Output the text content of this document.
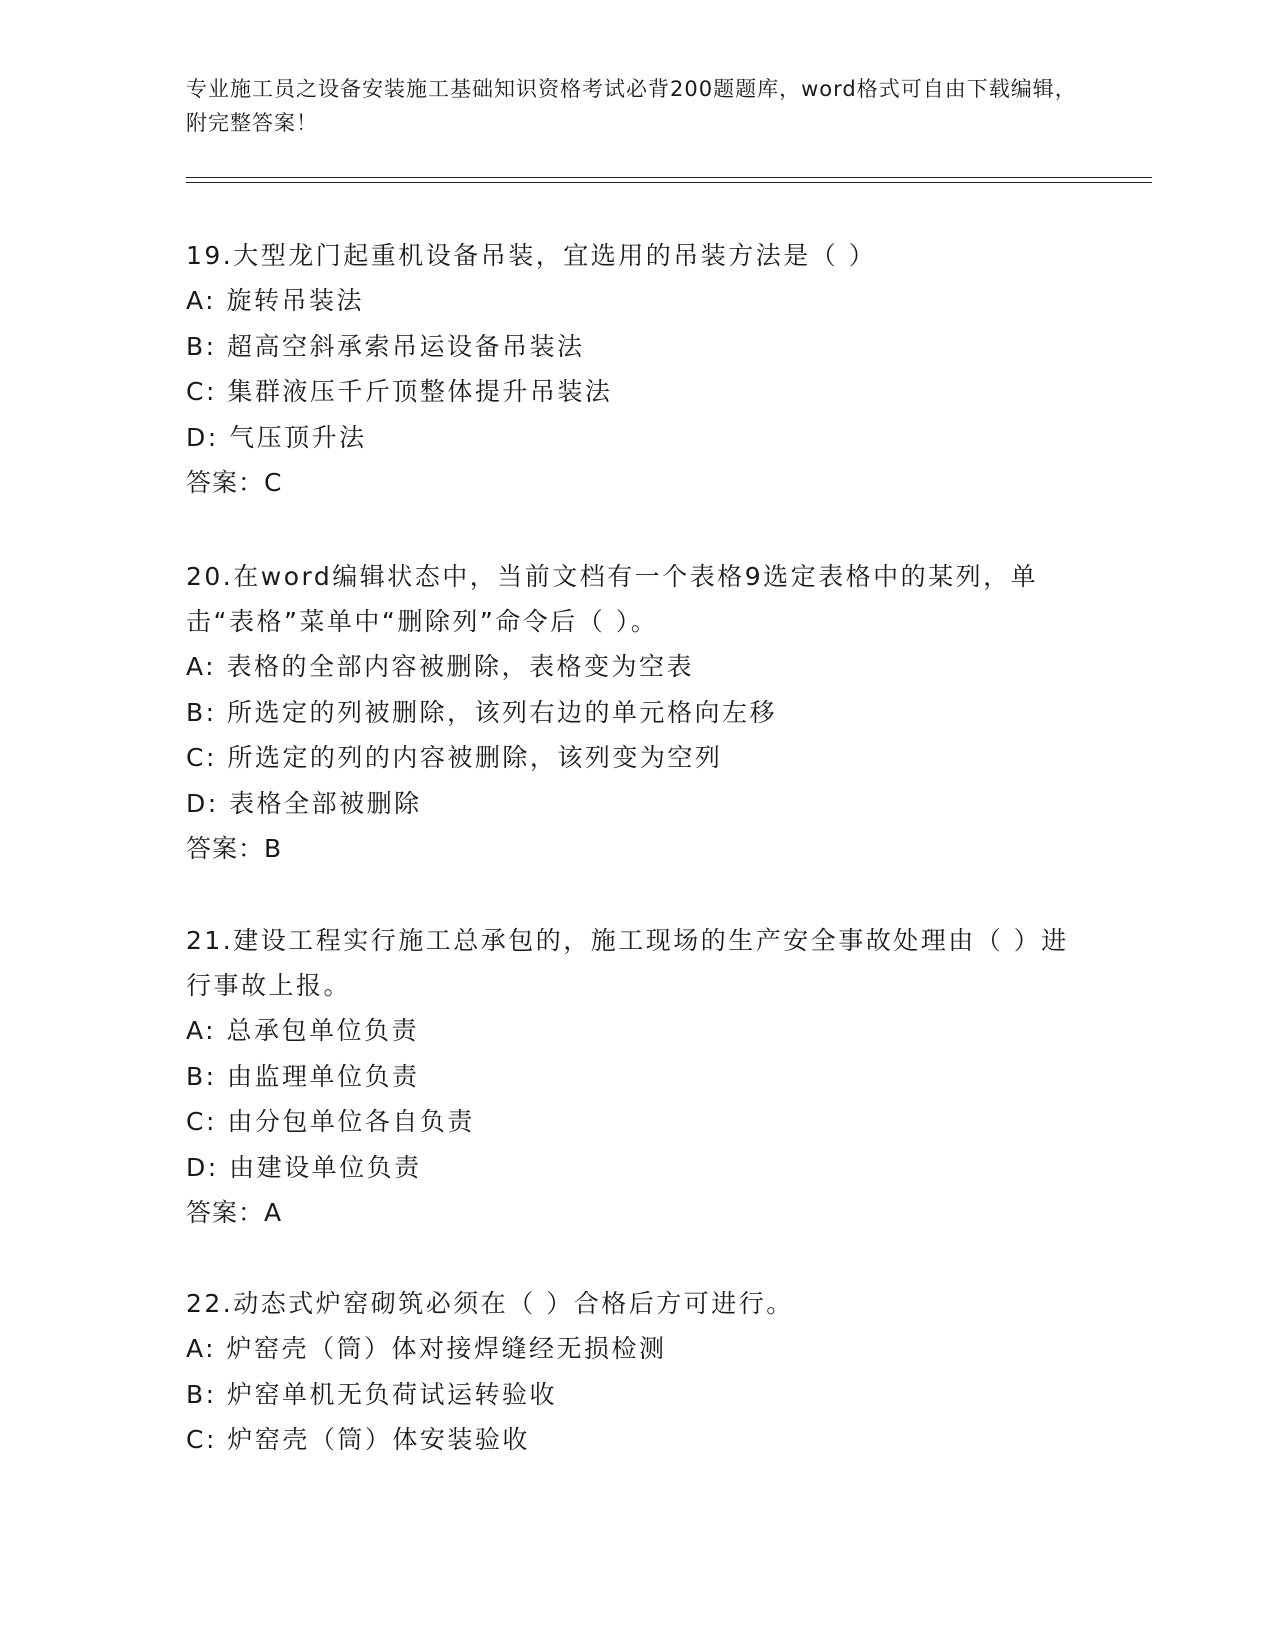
专业施工员之设备安装施工基础知识资格考试必背200题题库，word格式可自由下载编辑，附完整答案！

19.大型龙门起重机设备吊装，宜选用的吊装方法是（ ）

A: 旋转吊装法

B: 超高空斜承索吊运设备吊装法

C: 集群液压千斤顶整体提升吊装法

D: 气压顶升法

答案：C

20.在word编辑状态中，当前文档有一个表格9选定表格中的某列，单击“表格”菜单中“删除列”命令后（ ）。

A: 表格的全部内容被删除，表格变为空表

B: 所选定的列被删除，该列右边的单元格向左移

C: 所选定的列的内容被删除，该列变为空列

D: 表格全部被删除

答案：B

21.建设工程实行施工总承包的，施工现场的生产安全事故处理由（ ）进行事故上报。

A: 总承包单位负责

B: 由监理单位负责

C: 由分包单位各自负责

D: 由建设单位负责

答案：A

22.动态式炉窑砌筑必须在（ ）合格后方可进行。

A: 炉窑壳（筒）体对接焊缝经无损检测

B: 炉窑单机无负荷试运转验收

C: 炉窑壳（筒）体安装验收
